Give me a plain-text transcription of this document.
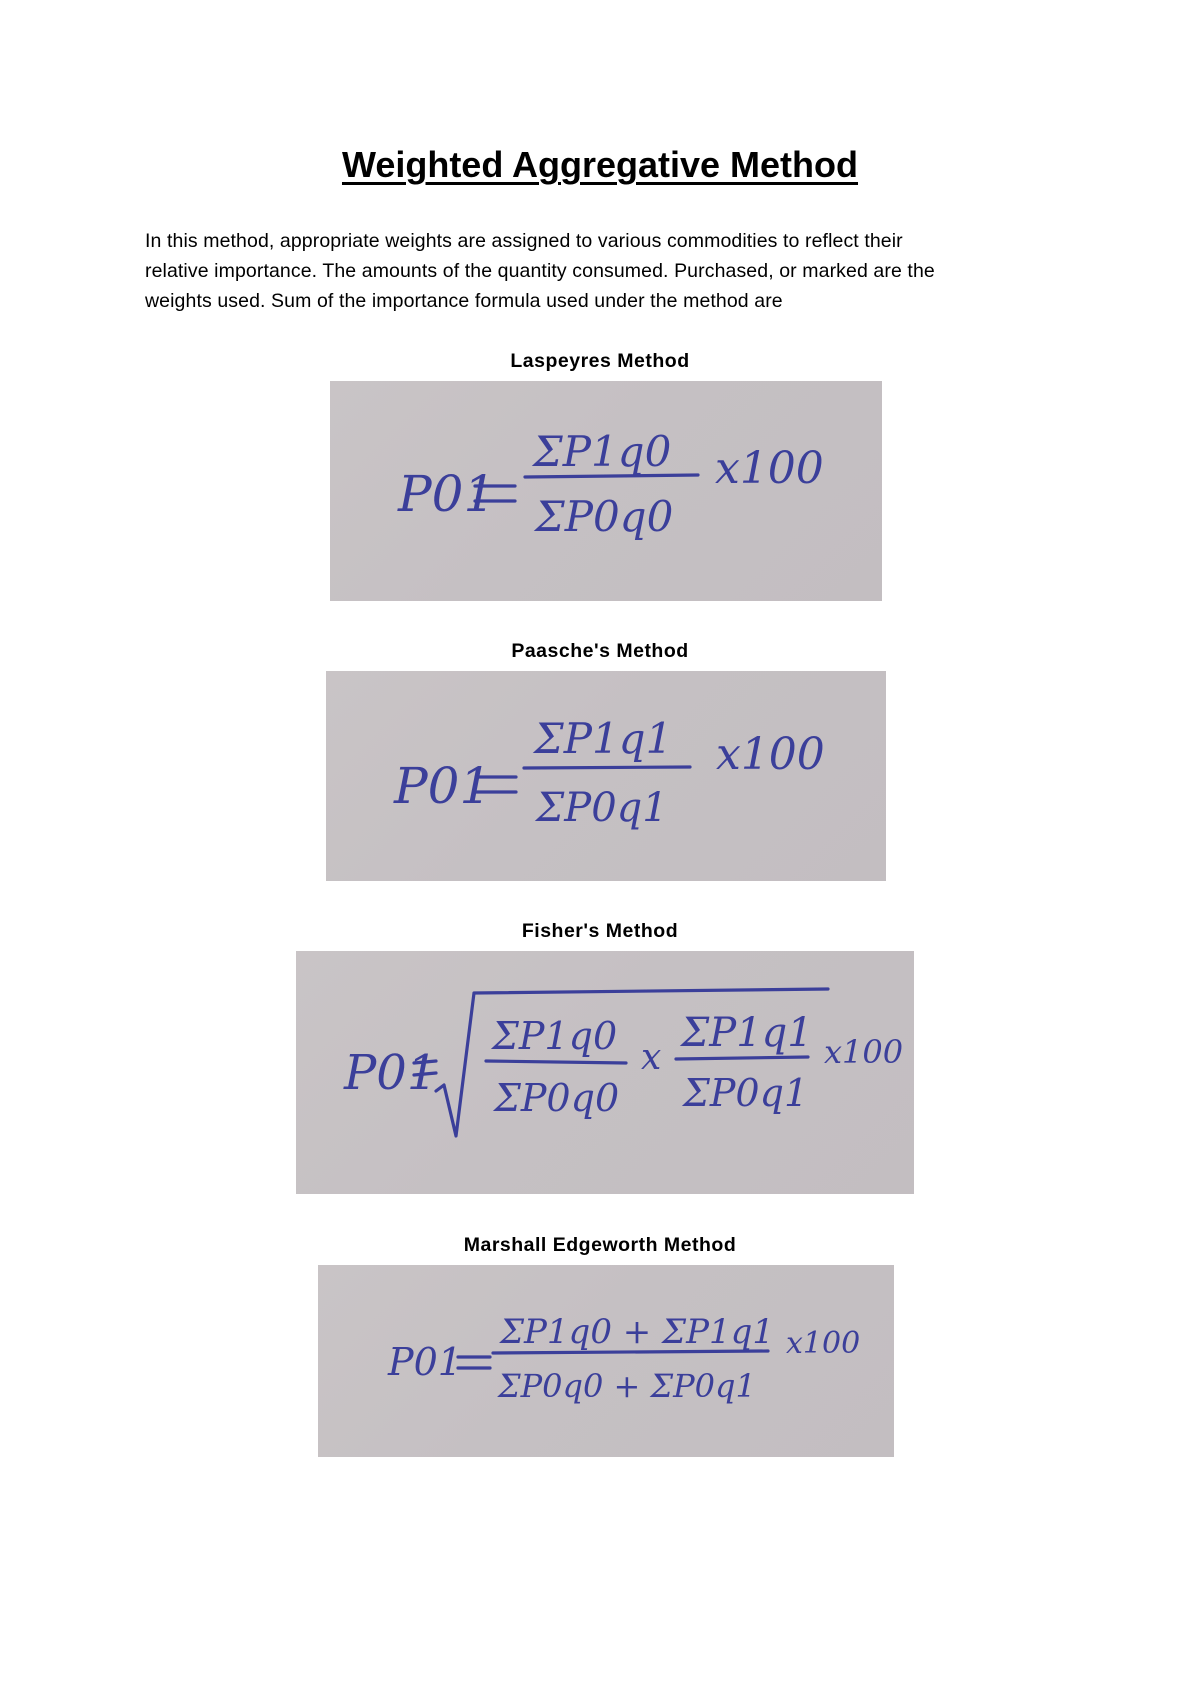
Weighted Aggregative Method

In this method, appropriate weights are assigned to various commodities to reflect their
relative importance. The amounts of the quantity consumed. Purchased, or marked are the
weights used. Sum of the importance formula used under the method are

Laspeyres Method
P01
ΣP1q0
ΣP0q0
x100
Paasche's Method
P01
ΣP1q1
ΣP0q1
x100
Fisher's Method
P01
ΣP1q0
ΣP0q0
x
ΣP1q1
ΣP0q1
x100
Marshall Edgeworth Method
P01
ΣP1q0 + ΣP1q1
ΣP0q0 + ΣP0q1
x100
